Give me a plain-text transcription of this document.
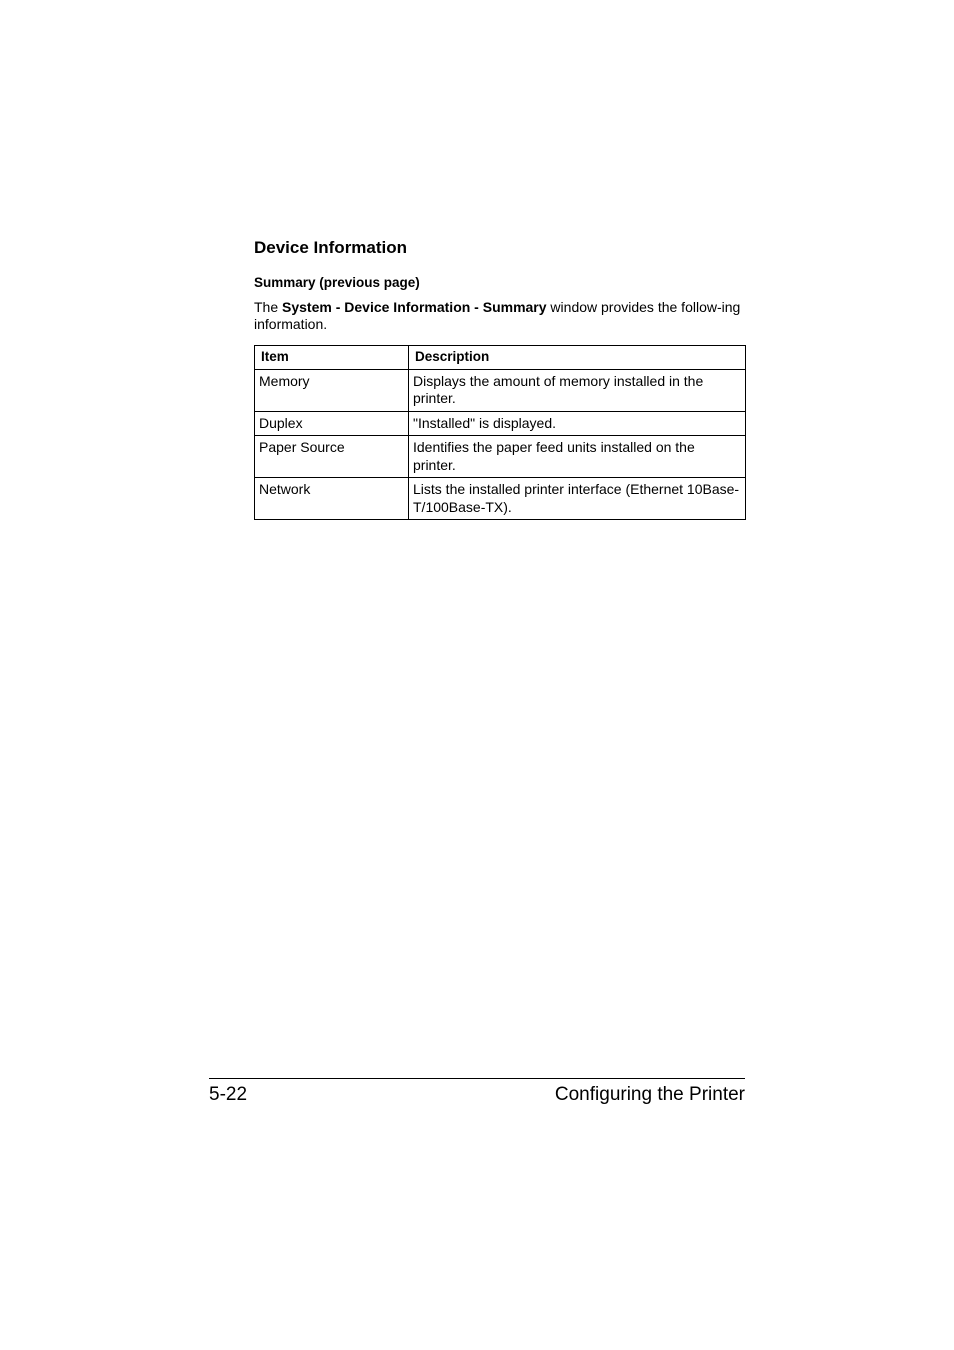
Device Information
Summary (previous page)

The System - Device Information - Summary window provides the follow-ing information.

Item	Description
Memory	Displays the amount of memory installed in the printer.
Duplex	"Installed" is displayed.
Paper Source	Identifies the paper feed units installed on the printer.
Network	Lists the installed printer interface (Ethernet 10Base-T/100Base-TX).
5-22	Configuring the Printer
